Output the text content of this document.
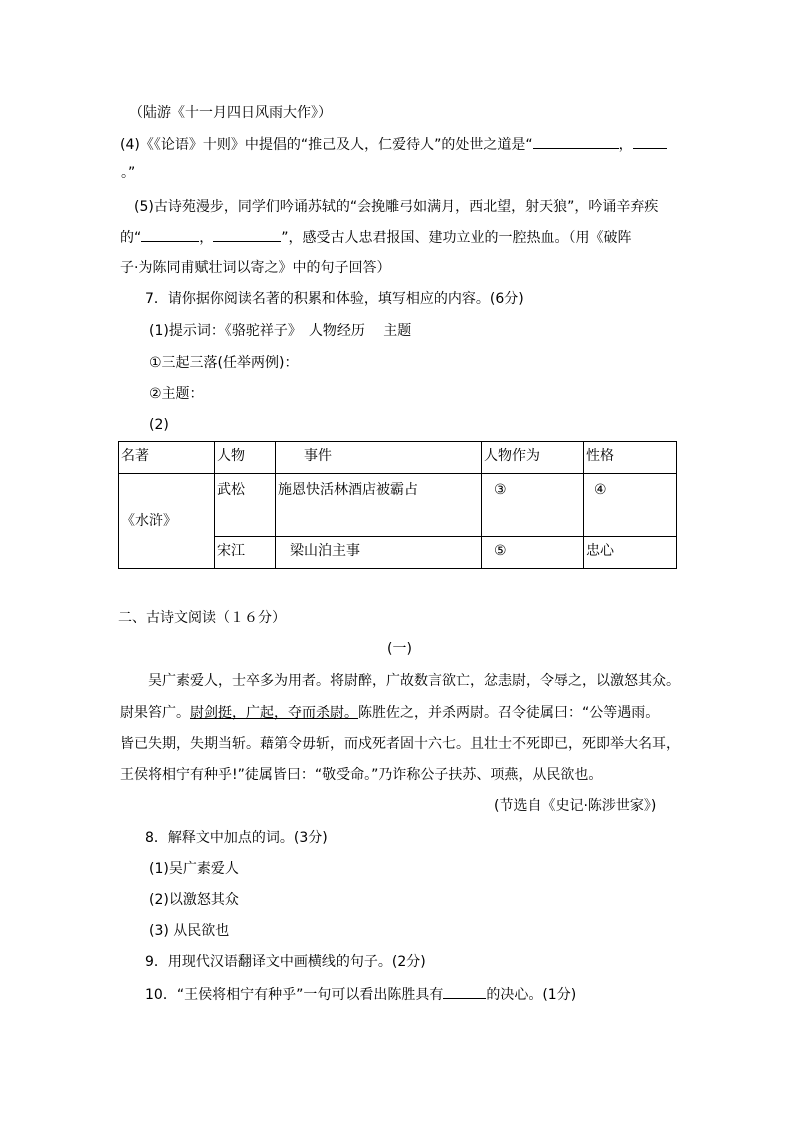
（陆游《十一月四日风雨大作》）
(4)《《论语》十则》中提倡的“推己及人，仁爱待人”的处世之道是“	，
。”
(5)古诗苑漫步，同学们吟诵苏轼的“会挽雕弓如满月，西北望，射天狼”，吟诵辛弃疾
的“	，	”，感受古人忠君报国、建功立业的一腔热血。（用《破阵
子·为陈同甫赋壮词以寄之》中的句子回答）
7．请你据你阅读名著的积累和体验，填写相应的内容。(6分)
(1)提示词：《骆驼祥子》　人物经历　 主题
①三起三落(任举两例)：
②主题：
(2)
名著	人物	事件	人物作为	性格
《水浒》	武松	施恩快活林酒店被霸占	③	④
	宋江	梁山泊主事	⑤	忠心
二、古诗文阅读（１６分）
(一)
吴广素爱人，士卒多为用者。将尉醉，广故数言欲亡，忿恚尉，令辱之，以激怒其众。
尉果笞广。尉剑挺，广起，夺而杀尉。陈胜佐之，并杀两尉。召令徒属曰：“公等遇雨。
皆已失期，失期当斩。藉第令毋斩，而戍死者固十六七。且壮士不死即已，死即举大名耳，
王侯将相宁有种乎!”徒属皆曰：“敬受命。”乃诈称公子扶苏、项燕，从民欲也。
(节选自《史记·陈涉世家》)
8．解释文中加点的词。(3分)
(1)吴广素爱人
(2)以激怒其众
(3) 从民欲也
9．用现代汉语翻译文中画横线的句子。(2分)
10．“王侯将相宁有种乎”一句可以看出陈胜具有	的决心。(1分)
